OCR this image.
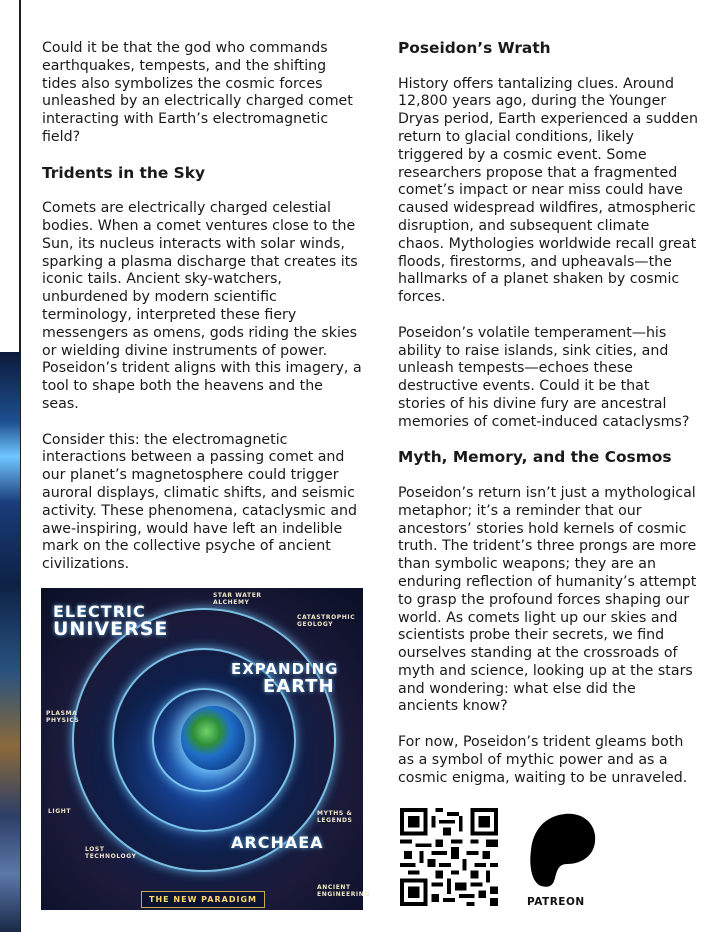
Could it be that the god who commands earthquakes, tempests, and the shifting tides also symbolizes the cosmic forces unleashed by an electrically charged comet interacting with Earth’s electromagnetic field?

Tridents in the Sky

Comets are electrically charged celestial bodies. When a comet ventures close to the Sun, its nucleus interacts with solar winds, sparking a plasma discharge that creates its iconic tails. Ancient sky-watchers, unburdened by modern scientific terminology, interpreted these fiery messengers as omens, gods riding the skies or wielding divine instruments of power. Poseidon’s trident aligns with this imagery, a tool to shape both the heavens and the seas.

Consider this: the electromagnetic interactions between a passing comet and our planet’s magnetosphere could trigger auroral displays, climatic shifts, and seismic activity. These phenomena, cataclysmic and awe-inspiring, would have left an indelible mark on the collective psyche of ancient civilizations.

ELECTRIC
UNIVERSE
EXPANDING
EARTH
ARCHAEA
STAR WATER ALCHEMY
CATASTROPHIC GEOLOGY
PLASMA PHYSICS
LIGHT	MYTHS & LEGENDS
LOST TECHNOLOGY
ANCIENT ENGINEERING
THE NEW PARADIGM
Poseidon’s Wrath

History offers tantalizing clues. Around 12,800 years ago, during the Younger Dryas period, Earth experienced a sudden return to glacial conditions, likely triggered by a cosmic event. Some researchers propose that a fragmented comet’s impact or near miss could have caused widespread wildfires, atmospheric disruption, and subsequent climate chaos. Mythologies worldwide recall great floods, firestorms, and upheavals—the hallmarks of a planet shaken by cosmic forces.

Poseidon’s volatile temperament—his ability to raise islands, sink cities, and unleash tempests—echoes these destructive events. Could it be that stories of his divine fury are ancestral memories of comet-induced cataclysms?

Myth, Memory, and the Cosmos

Poseidon’s return isn’t just a mythological metaphor; it’s a reminder that our ancestors’ stories hold kernels of cosmic truth. The trident’s three prongs are more than symbolic weapons; they are an enduring reflection of humanity’s attempt to grasp the profound forces shaping our world. As comets light up our skies and scientists probe their secrets, we find ourselves standing at the crossroads of myth and science, looking up at the stars and wondering: what else did the ancients know?

For now, Poseidon’s trident gleams both as a symbol of mythic power and as a cosmic enigma, waiting to be unraveled.

PATREON
